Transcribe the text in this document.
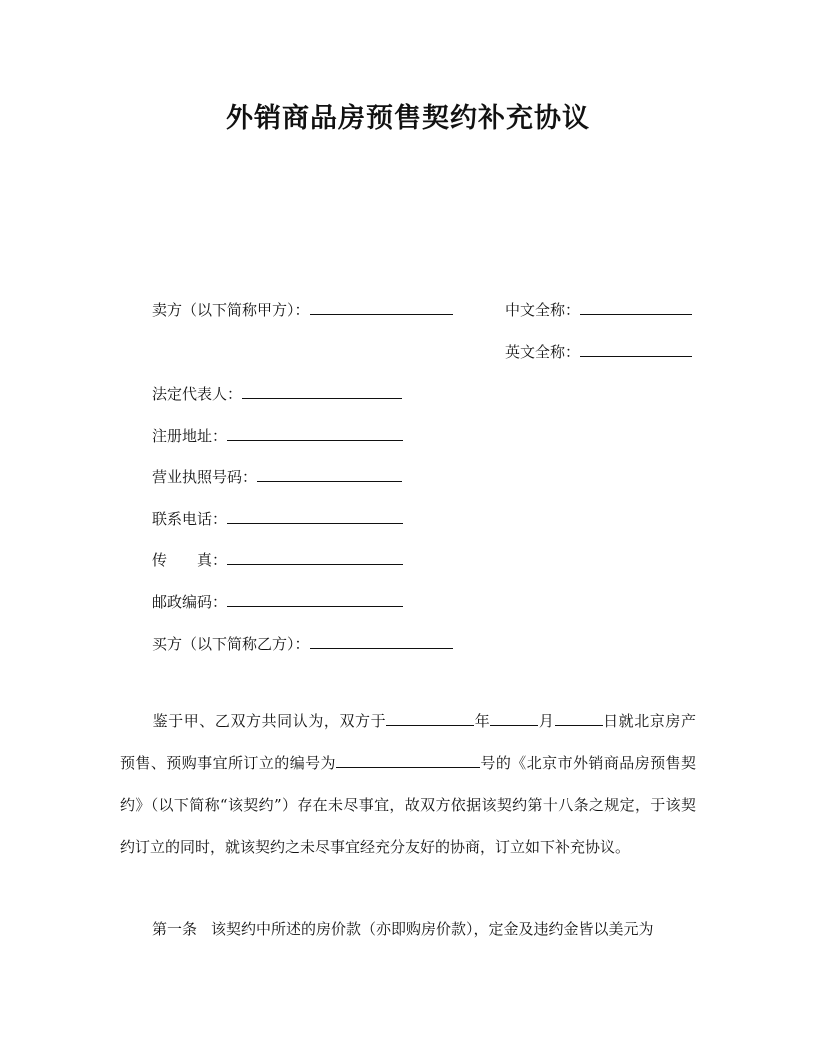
外销商品房预售契约补充协议
卖方（以下简称甲方）：	中文全称：
英文全称：
法定代表人：
注册地址：
营业执照号码：
联系电话：
传　　真：
邮政编码：
买方（以下简称乙方）：

鉴于甲、乙双方共同认为，双方于	年	月	日就北京房产预售、预购事宜所订立的编号为	号的《北京市外销商品房预售契约》（以下简称“该契约”）存在未尽事宜，故双方依据该契约第十八条之规定，于该契约订立的同时，就该契约之未尽事宜经充分友好的协商，订立如下补充协议。

第一条 该契约中所述的房价款（亦即购房价款），定金及违约金皆以美元为
